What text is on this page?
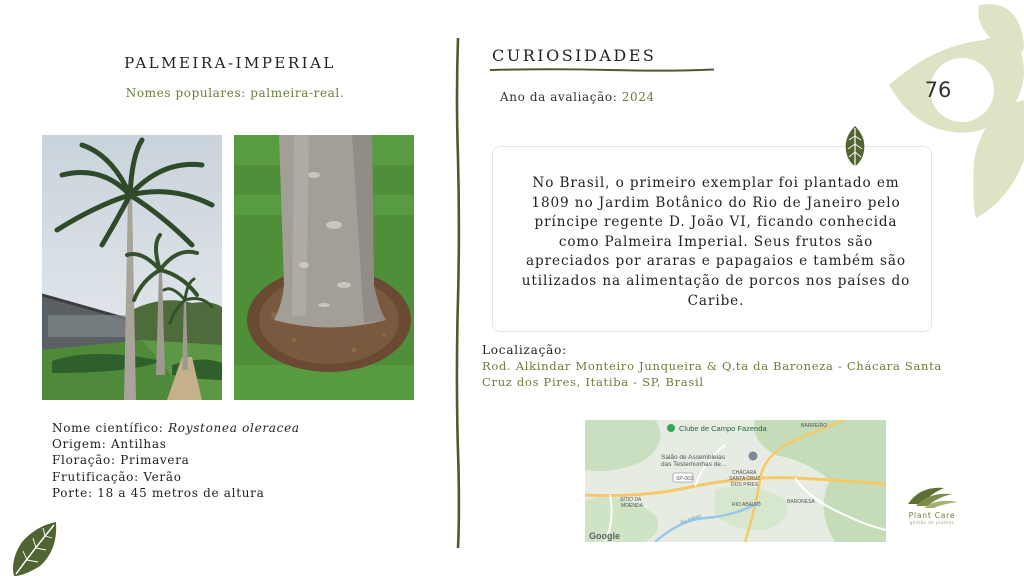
PALMEIRA-IMPERIAL
Nomes populares: palmeira-real.
Nome científico: Roystonea oleracea
Origem: Antilhas
Floração: Primavera
Frutificação: Verão
Porte: 18 a 45 metros de altura
CURIOSIDADES
Ano da avaliação: 2024
No Brasil, o primeiro exemplar foi plantado em 1809 no Jardim Botânico do Rio de Janeiro pelo príncipe regente D. João VI, ficando conhecida como Palmeira Imperial. Seus frutos são apreciados por araras e papagaios e também são utilizados na alimentação de porcos nos países do Caribe.
Localização:
Rod. Alkindar Monteiro Junqueira & Q.ta da Baroneza - Chácara Santa Cruz dos Pires, Itatiba - SP, Brasil
Clube de Campo Fazenda	BARREIRO
CHÁCARA
SANTA CRUZ
DOS PIRES
SÍTIO DA
MOENDA	RIO ABAIXO	BARONESA
SP-063
Salão de Assembleias
das Testemunhas de...
Rio Atibaia
Google
76
Plant Care
gestão de plantas
